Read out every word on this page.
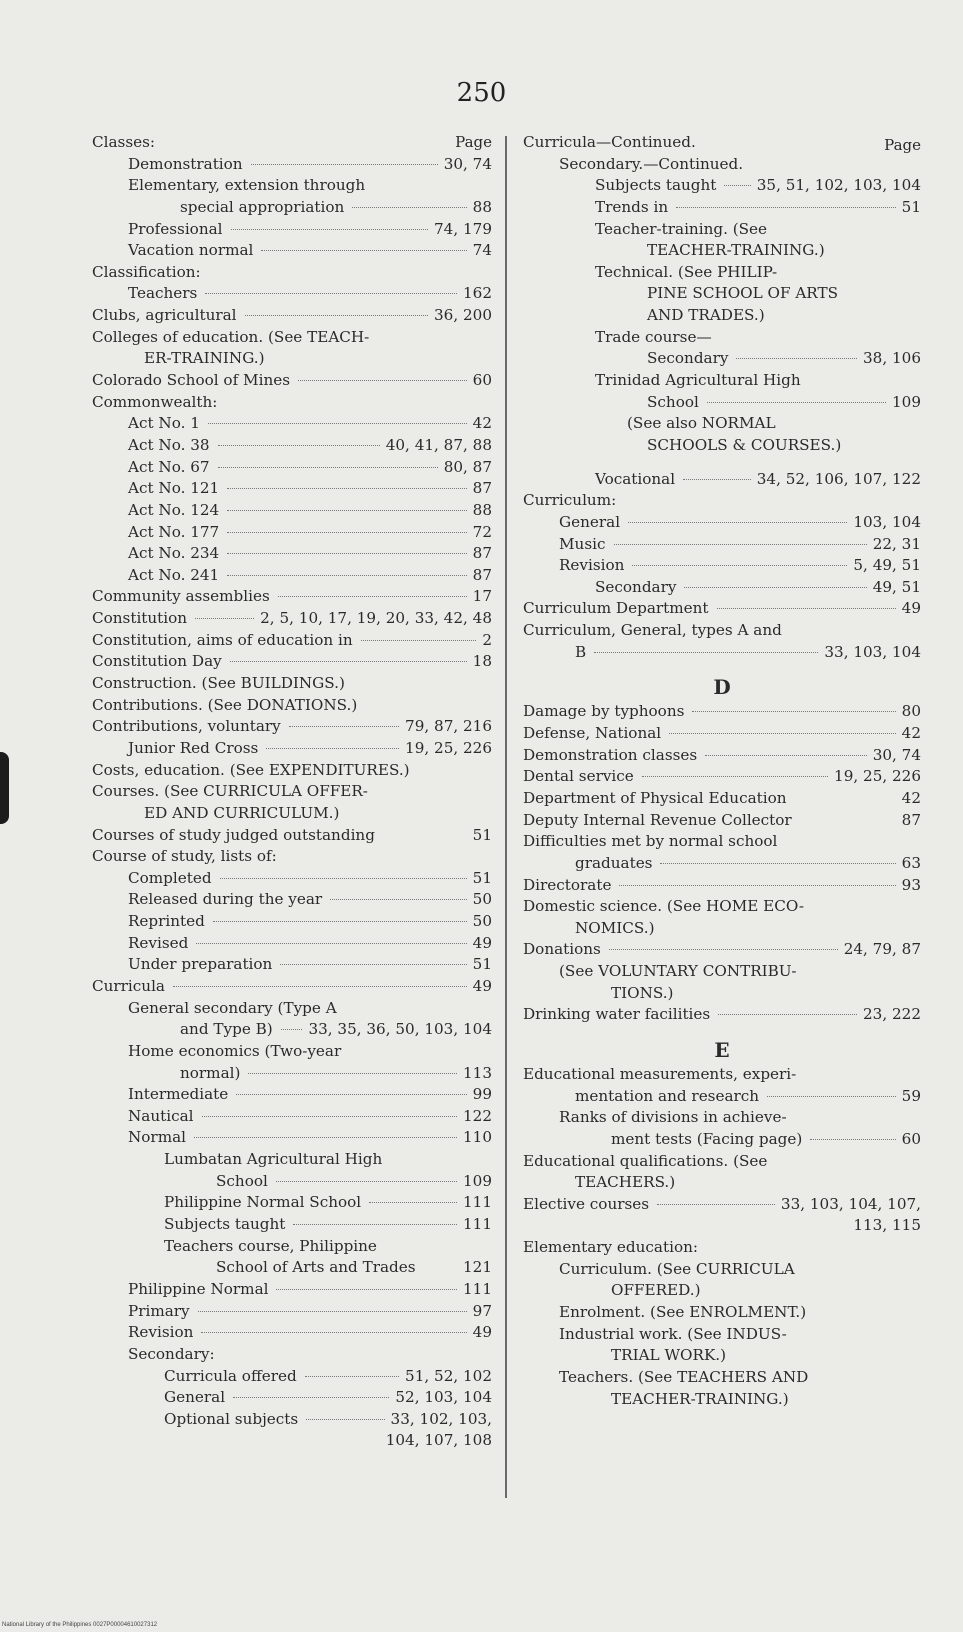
250
Page
Classes:
Demonstration	30, 74
Elementary, extension through
special appropriation	88
Professional	74, 179
Vacation normal	74
Classification:
Teachers	162
Clubs, agricultural	36, 200
Colleges of education. (See TEACH-
ER-TRAINING.)
Colorado School of Mines	60
Commonwealth:
Act No. 1	42
Act No. 38	40, 41, 87, 88
Act No. 67	80, 87
Act No. 121	87
Act No. 124	88
Act No. 177	72
Act No. 234	87
Act No. 241	87
Community assemblies	17
Constitution	2, 5, 10, 17, 19, 20, 33, 42, 48
Constitution, aims of education in	2
Constitution Day	18
Construction. (See BUILDINGS.)
Contributions. (See DONATIONS.)
Contributions, voluntary	79, 87, 216
Junior Red Cross	19, 25, 226
Costs, education. (See EXPENDITURES.)
Courses. (See CURRICULA OFFER-
ED AND CURRICULUM.)
Courses of study judged outstanding	51
Course of study, lists of:
Completed	51
Released during the year	50
Reprinted	50
Revised	49
Under preparation	51
Curricula	49
General secondary (Type A
and Type B) 33, 35, 36, 50, 103, 104
Home economics (Two-year
normal)	113
Intermediate	99
Nautical	122
Normal	110
Lumbatan Agricultural High
School	109
Philippine Normal School	111
Subjects taught	111
Teachers course, Philippine
School of Arts and Trades	121
Philippine Normal	111
Primary	97
Revision	49
Secondary:
Curricula offered	51, 52, 102
General	52, 103, 104
Optional subjects	33, 102, 103,
104, 107, 108
Page
Curricula—Continued.
Secondary.—Continued.
Subjects taught	35, 51, 102, 103, 104
Trends in	51
Teacher-training. (See
TEACHER-TRAINING.)
Technical. (See PHILIP-
PINE SCHOOL OF ARTS
AND TRADES.)
Trade course—
Secondary	38, 106
Trinidad Agricultural High
School	109
(See also NORMAL
SCHOOLS & COURSES.)
Vocational	34, 52, 106, 107, 122
Curriculum:
General	103, 104
Music	22, 31
Revision	5, 49, 51
Secondary	49, 51
Curriculum Department	49
Curriculum, General, types A and
B	33, 103, 104
D
Damage by typhoons	80
Defense, National	42
Demonstration classes	30, 74
Dental service	19, 25, 226
Department of Physical Education	42
Deputy Internal Revenue Collector	87
Difficulties met by normal school
graduates	63
Directorate	93
Domestic science. (See HOME ECO-
NOMICS.)
Donations	24, 79, 87
(See VOLUNTARY CONTRIBU-
TIONS.)
Drinking water facilities	23, 222
E
Educational measurements, experi-
mentation and research	59
Ranks of divisions in achieve-
ment tests (Facing page)	60
Educational qualifications. (See
TEACHERS.)
Elective courses	33, 103, 104, 107,
113, 115
Elementary education:
Curriculum. (See CURRICULA
OFFERED.)
Enrolment. (See ENROLMENT.)
Industrial work. (See INDUS-
TRIAL WORK.)
Teachers. (See TEACHERS AND
TEACHER-TRAINING.)
National Library of the Philippines 0027P00004610027312
